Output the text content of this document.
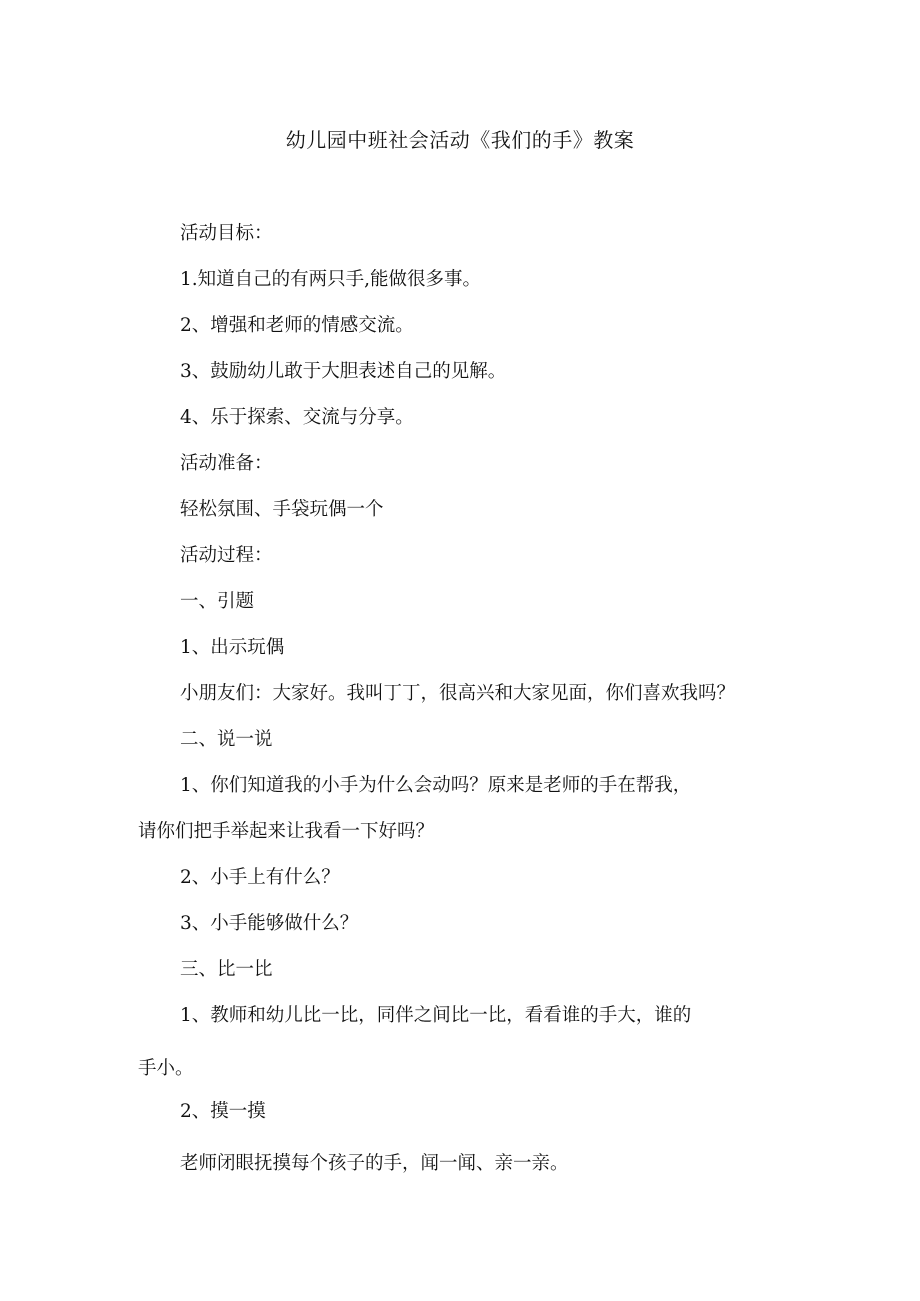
幼儿园中班社会活动《我们的手》教案
活动目标：
1.知道自己的有两只手,能做很多事。
2、增强和老师的情感交流。
3、鼓励幼儿敢于大胆表述自己的见解。
4、乐于探索、交流与分享。
活动准备：
轻松氛围、手袋玩偶一个
活动过程：
一、引题
1、出示玩偶
小朋友们：大家好。我叫丁丁，很高兴和大家见面，你们喜欢我吗？
二、说一说
1、你们知道我的小手为什么会动吗？原来是老师的手在帮我，
请你们把手举起来让我看一下好吗？
2、小手上有什么？
3、小手能够做什么？
三、比一比
1、教师和幼儿比一比，同伴之间比一比，看看谁的手大，谁的
手小。
2、摸一摸
老师闭眼抚摸每个孩子的手，闻一闻、亲一亲。
